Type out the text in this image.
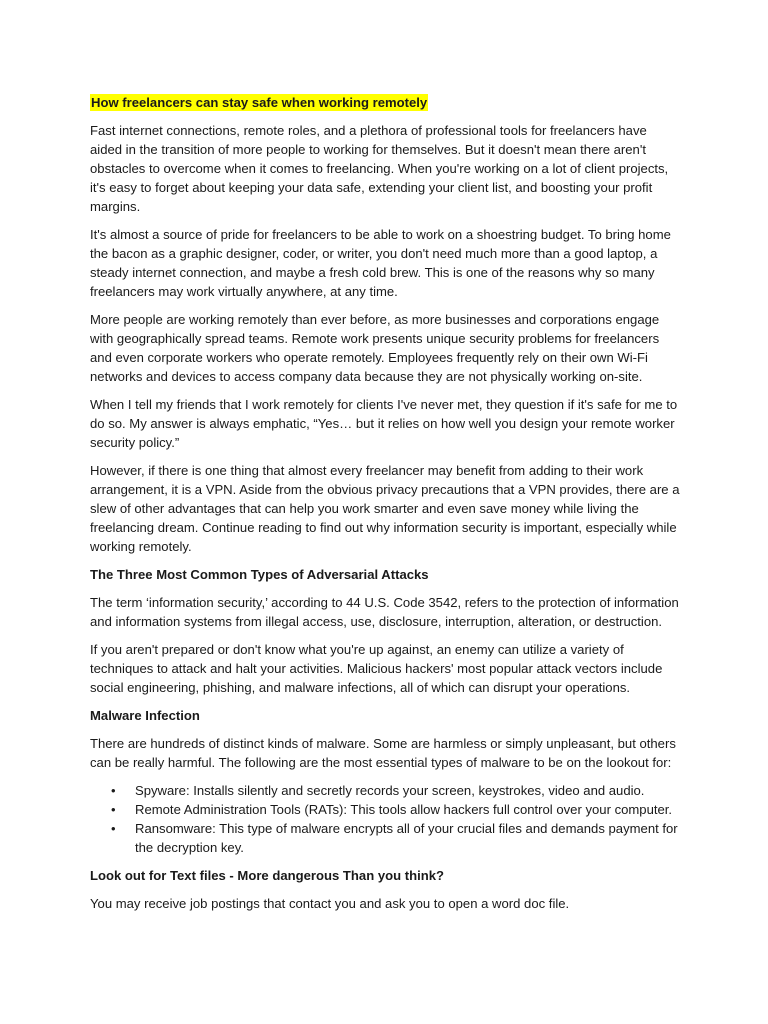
How freelancers can stay safe when working remotely

Fast internet connections, remote roles, and a plethora of professional tools for freelancers have aided in the transition of more people to working for themselves. But it doesn't mean there aren't obstacles to overcome when it comes to freelancing. When you're working on a lot of client projects, it's easy to forget about keeping your data safe, extending your client list, and boosting your profit margins.

It's almost a source of pride for freelancers to be able to work on a shoestring budget. To bring home the bacon as a graphic designer, coder, or writer, you don't need much more than a good laptop, a steady internet connection, and maybe a fresh cold brew. This is one of the reasons why so many freelancers may work virtually anywhere, at any time.

More people are working remotely than ever before, as more businesses and corporations engage with geographically spread teams. Remote work presents unique security problems for freelancers and even corporate workers who operate remotely. Employees frequently rely on their own Wi-Fi networks and devices to access company data because they are not physically working on-site.

When I tell my friends that I work remotely for clients I've never met, they question if it's safe for me to do so. My answer is always emphatic, “Yes… but it relies on how well you design your remote worker security policy.”

However, if there is one thing that almost every freelancer may benefit from adding to their work arrangement, it is a VPN. Aside from the obvious privacy precautions that a VPN provides, there are a slew of other advantages that can help you work smarter and even save money while living the freelancing dream. Continue reading to find out why information security is important, especially while working remotely.

The Three Most Common Types of Adversarial Attacks

The term ‘information security,’ according to 44 U.S. Code 3542, refers to the protection of information and information systems from illegal access, use, disclosure, interruption, alteration, or destruction.

If you aren't prepared or don't know what you're up against, an enemy can utilize a variety of techniques to attack and halt your activities. Malicious hackers' most popular attack vectors include social engineering, phishing, and malware infections, all of which can disrupt your operations.

Malware Infection

There are hundreds of distinct kinds of malware. Some are harmless or simply unpleasant, but others can be really harmful. The following are the most essential types of malware to be on the lookout for:

• Spyware: Installs silently and secretly records your screen, keystrokes, video and audio.
• Remote Administration Tools (RATs): This tools allow hackers full control over your computer.
• Ransomware: This type of malware encrypts all of your crucial files and demands payment for the decryption key.
Look out for Text files - More dangerous Than you think?

You may receive job postings that contact you and ask you to open a word doc file.
